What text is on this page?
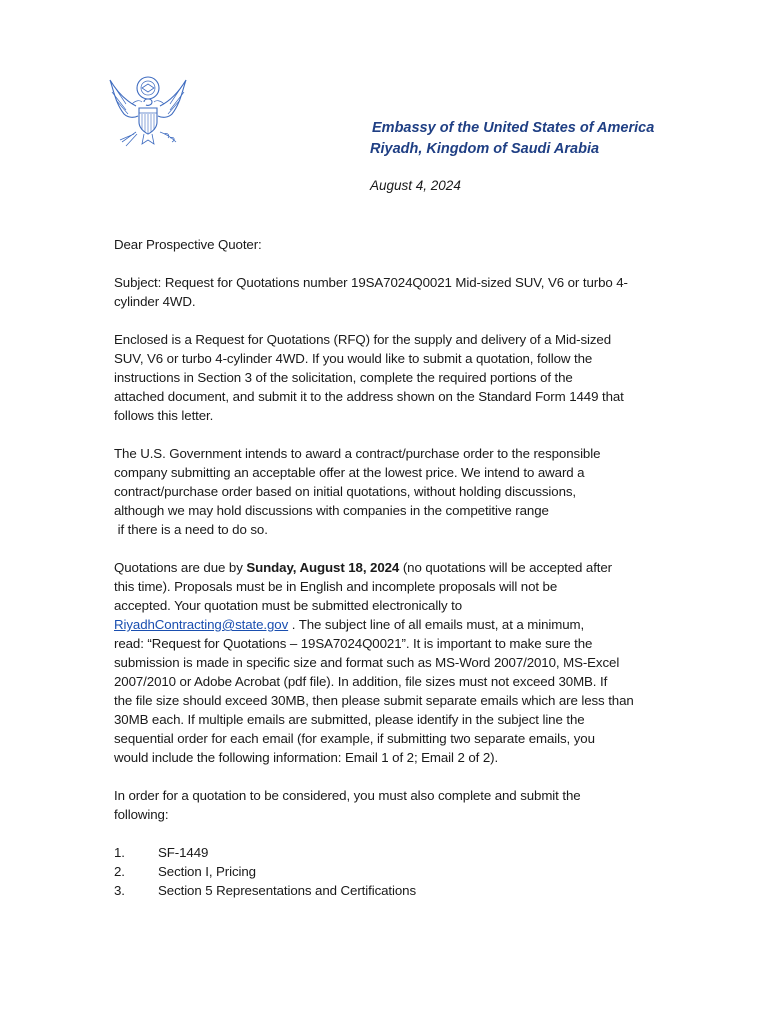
Embassy of the United States of America
Riyadh, Kingdom of Saudi Arabia
August 4, 2024

Dear Prospective Quoter:

Subject: Request for Quotations number 19SA7024Q0021 Mid-sized SUV, V6 or turbo 4-
cylinder 4WD.

Enclosed is a Request for Quotations (RFQ) for the supply and delivery of a Mid-sized
SUV, V6 or turbo 4-cylinder 4WD. If you would like to submit a quotation, follow the
instructions in Section 3 of the solicitation, complete the required portions of the
attached document, and submit it to the address shown on the Standard Form 1449 that
follows this letter.

The U.S. Government intends to award a contract/purchase order to the responsible
company submitting an acceptable offer at the lowest price. We intend to award a
contract/purchase order based on initial quotations, without holding discussions,
although we may hold discussions with companies in the competitive range
if there is a need to do so.

Quotations are due by Sunday, August 18, 2024 (no quotations will be accepted after
this time). Proposals must be in English and incomplete proposals will not be
accepted. Your quotation must be submitted electronically to
RiyadhContracting@state.gov . The subject line of all emails must, at a minimum,
read: “Request for Quotations – 19SA7024Q0021”. It is important to make sure the
submission is made in specific size and format such as MS-Word 2007/2010, MS-Excel
2007/2010 or Adobe Acrobat (pdf file). In addition, file sizes must not exceed 30MB. If
the file size should exceed 30MB, then please submit separate emails which are less than
30MB each. If multiple emails are submitted, please identify in the subject line the
sequential order for each email (for example, if submitting two separate emails, you
would include the following information: Email 1 of 2; Email 2 of 2).

In order for a quotation to be considered, you must also complete and submit the
following:

1. SF-1449
2. Section I, Pricing
3. Section 5 Representations and Certifications
